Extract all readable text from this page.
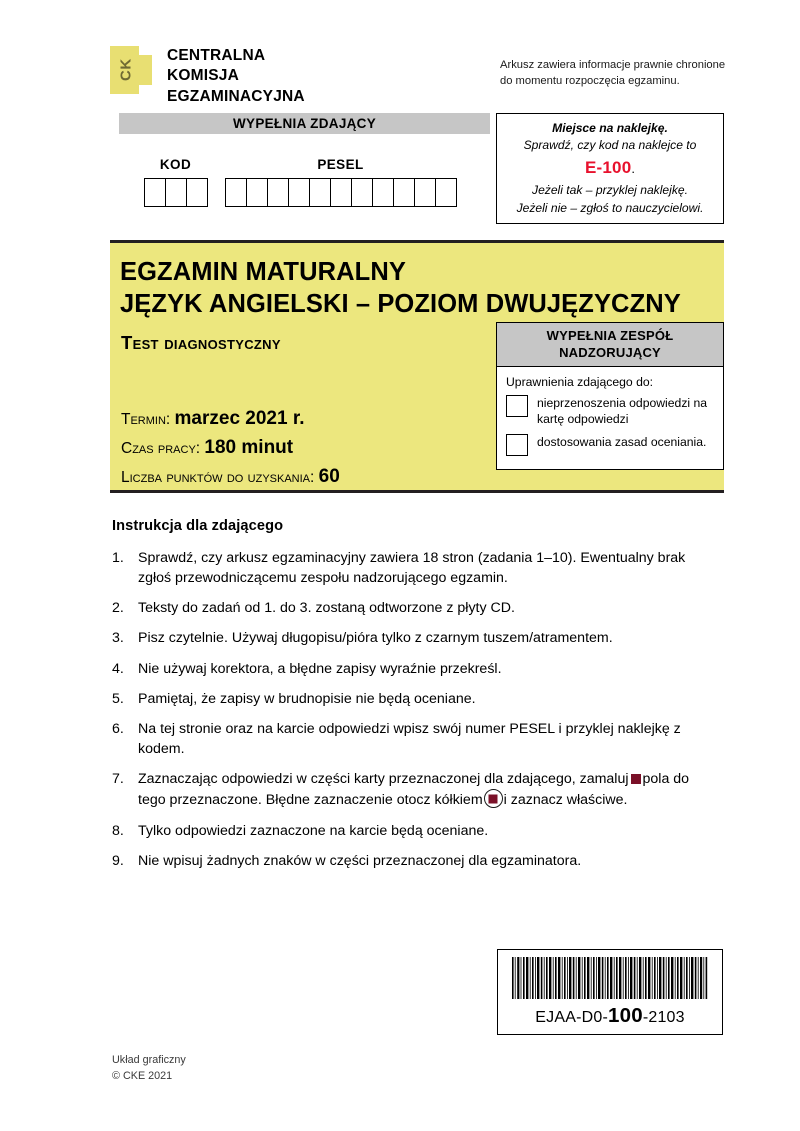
CK
CENTRALNA
KOMISJA
EGZAMINACYJNA
Arkusz zawiera informacje prawnie chronione do momentu rozpoczęcia egzaminu.
WYPEŁNIA ZDAJĄCY
KOD	PESEL
Miejsce na naklejkę.
Sprawdź, czy kod na naklejce to
E-100.
Jeżeli tak – przyklej naklejkę.
Jeżeli nie – zgłoś to nauczycielowi.
EGZAMIN MATURALNY
JĘZYK ANGIELSKI – POZIOM DWUJĘZYCZNY
Test diagnostyczny
Termin: marzec 2021 r.
Czas pracy: 180 minut
Liczba punktów do uzyskania: 60
WYPEŁNIA ZESPÓŁ
NADZORUJĄCY
Uprawnienia zdającego do:
nieprzenoszenia odpowiedzi na kartę odpowiedzi
dostosowania zasad oceniania.
Instrukcja dla zdającego
1. Sprawdź, czy arkusz egzaminacyjny zawiera 18 stron (zadania 1–10). Ewentualny brak zgłoś przewodniczącemu zespołu nadzorującego egzamin.
2. Teksty do zadań od 1. do 3. zostaną odtworzone z płyty CD.
3. Pisz czytelnie. Używaj długopisu/pióra tylko z czarnym tuszem/atramentem.
4. Nie używaj korektora, a błędne zapisy wyraźnie przekreśl.
5. Pamiętaj, że zapisy w brudnopisie nie będą oceniane.
6. Na tej stronie oraz na karcie odpowiedzi wpisz swój numer PESEL i przyklej naklejkę z kodem.
7. Zaznaczając odpowiedzi w części karty przeznaczonej dla zdającego, zamaluj pola do tego przeznaczone. Błędne zaznaczenie otocz kółkiem i zaznacz właściwe.
8. Tylko odpowiedzi zaznaczone na karcie będą oceniane.
9. Nie wpisuj żadnych znaków w części przeznaczonej dla egzaminatora.
EJAA-D0-100-2103
Układ graficzny
© CKE 2021
